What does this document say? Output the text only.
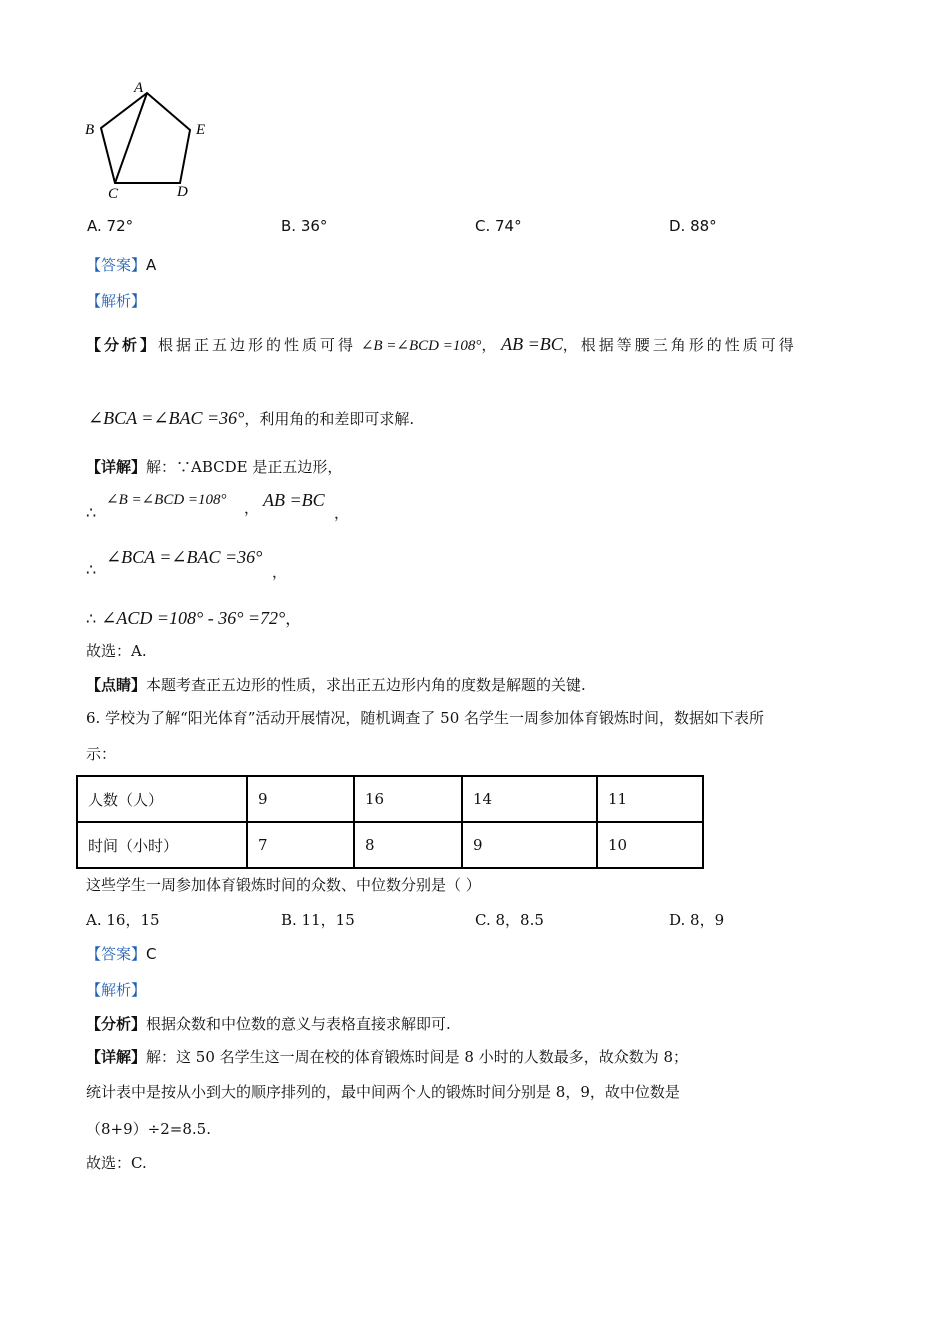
A
B
C	D
E
A. 72°	B. 36°	C. 74°	D. 88°
【答案】A
【解析】
【分析】根据正五边形的性质可得 ∠B =∠BCD =108°， AB =BC，根据等腰三角形的性质可得
∠BCA =∠BAC =36°，利用角的和差即可求解.
【详解】解：∵ABCDE 是正五边形，
∴
∠B =∠BCD =108° ， AB =BC
，
∴
∠BCA =∠BAC =36°
，
∴ ∠ACD =108° - 36° =72°，
故选：A.
【点睛】本题考查正五边形的性质，求出正五边形内角的度数是解题的关键.
6. 学校为了解“阳光体育”活动开展情况，随机调查了 50 名学生一周参加体育锻炼时间，数据如下表所
示：
人数（人）	9	16	14	11
时间（小时）	7	8	9	10
这些学生一周参加体育锻炼时间的众数、中位数分别是（ ）
A. 16，15	B. 11，15	C. 8，8.5	D. 8，9
【答案】C
【解析】
【分析】根据众数和中位数的意义与表格直接求解即可.
【详解】解：这 50 名学生这一周在校的体育锻炼时间是 8 小时的人数最多，故众数为 8；
统计表中是按从小到大的顺序排列的，最中间两个人的锻炼时间分别是 8，9，故中位数是
（8+9）÷2=8.5.
故选：C.
